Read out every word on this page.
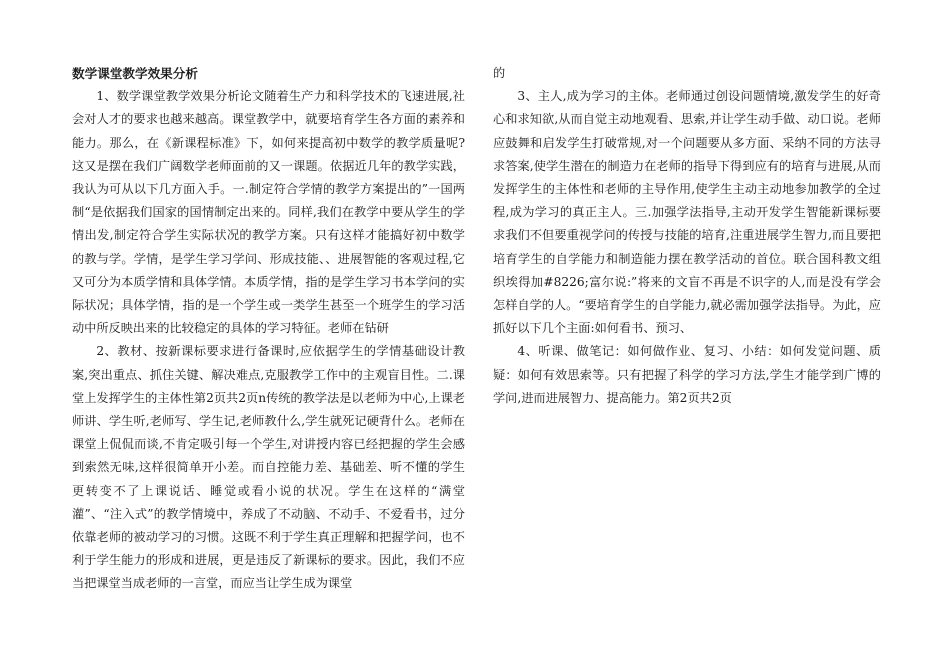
数学课堂教学效果分析

1、数学课堂教学效果分析论文随着生产力和科学技术的飞速进展,社会对人才的要求也越来越高。课堂教学中，就要培育学生各方面的素养和能力。那么，在《新课程标准》下，如何来提高初中数学的教学质量呢?这又是摆在我们广阔数学老师面前的又一课题。依据近几年的教学实践，我认为可从以下几方面入手。一.制定符合学情的教学方案提出的”一国两制“是依据我们国家的国情制定出来的。同样,我们在教学中要从学生的学情出发,制定符合学生实际状况的教学方案。只有这样才能搞好初中数学的教与学。学情，是学生学习学问、形成技能、、进展智能的客观过程,它又可分为本质学情和具体学情。本质学情，指的是学生学习书本学问的实际状况；具体学情，指的是一个学生或一类学生甚至一个班学生的学习活动中所反映出来的比较稳定的具体的学习特征。老师在钻研

2、教材、按新课标要求进行备课时,应依据学生的学情基础设计教案,突出重点、抓住关键、解决难点,克服教学工作中的主观盲目性。二.课堂上发挥学生的主体性第2页共2页n传统的教学法是以老师为中心,上课老师讲、学生听,老师写、学生记,老师教什么,学生就死记硬背什么。老师在课堂上侃侃而谈,不肯定吸引每一个学生,对讲授内容已经把握的学生会感到索然无味,这样很简单开小差。而自控能力差、基础差、听不懂的学生更转变不了上课说话、睡觉或看小说的状况。学生在这样的“满堂灌”、“注入式”的教学情境中，养成了不动脑、不动手、不爱看书，过分依靠老师的被动学习的习惯。这既不利于学生真正理解和把握学问，也不利于学生能力的形成和进展，更是违反了新课标的要求。因此，我们不应当把课堂当成老师的一言堂，而应当让学生成为课堂

的

3、主人,成为学习的主体。老师通过创设问题情境,激发学生的好奇心和求知欲,从而自觉主动地观看、思索,并让学生动手做、动口说。老师应鼓舞和启发学生打破常规,对一个问题要从多方面、采纳不同的方法寻求答案,使学生潜在的制造力在老师的指导下得到应有的培育与进展,从而发挥学生的主体性和老师的主导作用,使学生主动主动地参加教学的全过程,成为学习的真正主人。三.加强学法指导,主动开发学生智能新课标要求我们不但要重视学问的传授与技能的培育,注重进展学生智力,而且要把培育学生的自学能力和制造能力摆在教学活动的首位。联合国科教文组织埃得加#8226;富尔说:”将来的文盲不再是不识字的人,而是没有学会怎样自学的人。“要培育学生的自学能力,就必需加强学法指导。为此，应抓好以下几个主面:如何看书、预习、

4、听课、做笔记：如何做作业、复习、小结：如何发觉问题、质疑：如何有效思索等。只有把握了科学的学习方法,学生才能学到广博的学问,进而进展智力、提高能力。第2页共2页
